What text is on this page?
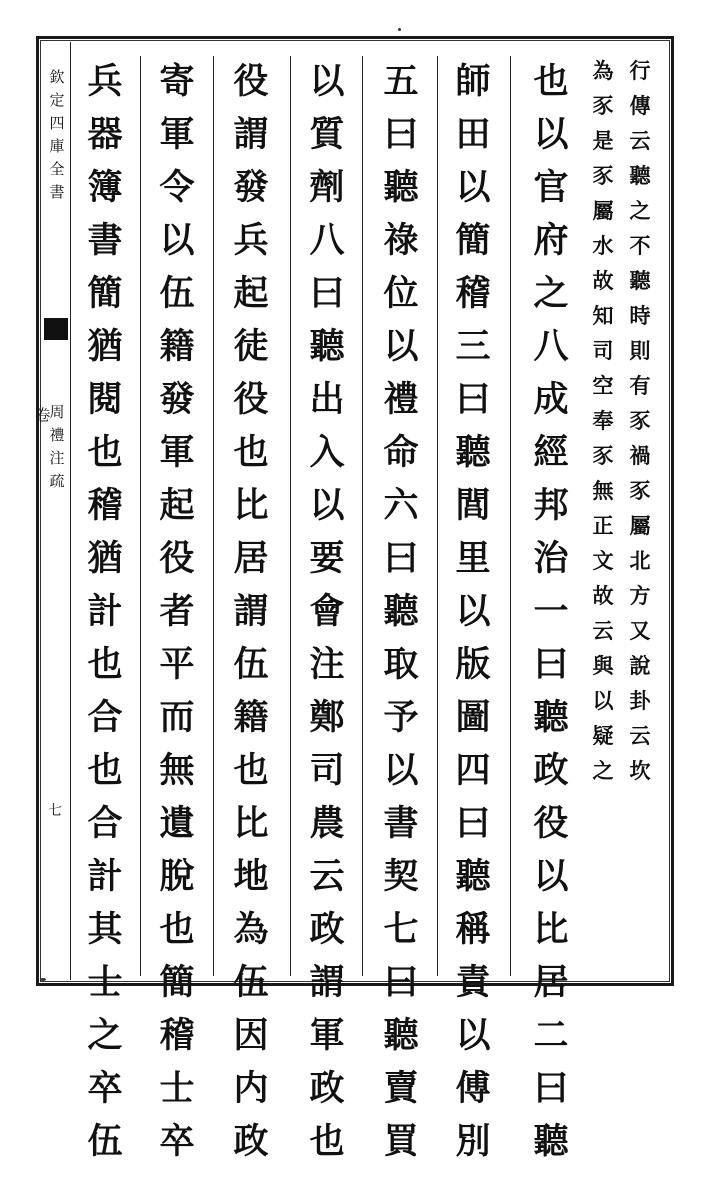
欽
定
四
庫
全
書
周
禮
注
疏
卷
七
行
傳
云
聽
之
不
聽
時
則
有
豕
禍
豕
屬
北
方
又
說
卦
云
坎
為
豕
是
豕
屬
水
故
知
司
空
奉
豕
無
正
文
故
云
與
以
疑
之
也
以
官
府
之
八
成
經
邦
治
一
曰
聽
政
役
以
比
居
二
曰
聽
師
田
以
簡
稽
三
曰
聽
閭
里
以
版
圖
四
曰
聽
稱
責
以
傅
別
五
曰
聽
祿
位
以
禮
命
六
曰
聽
取
予
以
書
契
七
曰
聽
賣
買
以
質
劑
八
曰
聽
出
入
以
要
會
注
鄭
司
農
云
政
謂
軍
政
也
役
謂
發
兵
起
徒
役
也
比
居
謂
伍
籍
也
比
地
為
伍
因
内
政
寄
軍
令
以
伍
籍
發
軍
起
役
者
平
而
無
遺
脫
也
簡
稽
士
卒
兵
器
簿
書
簡
猶
閱
也
稽
猶
計
也
合
也
合
計
其
士
之
卒
伍
